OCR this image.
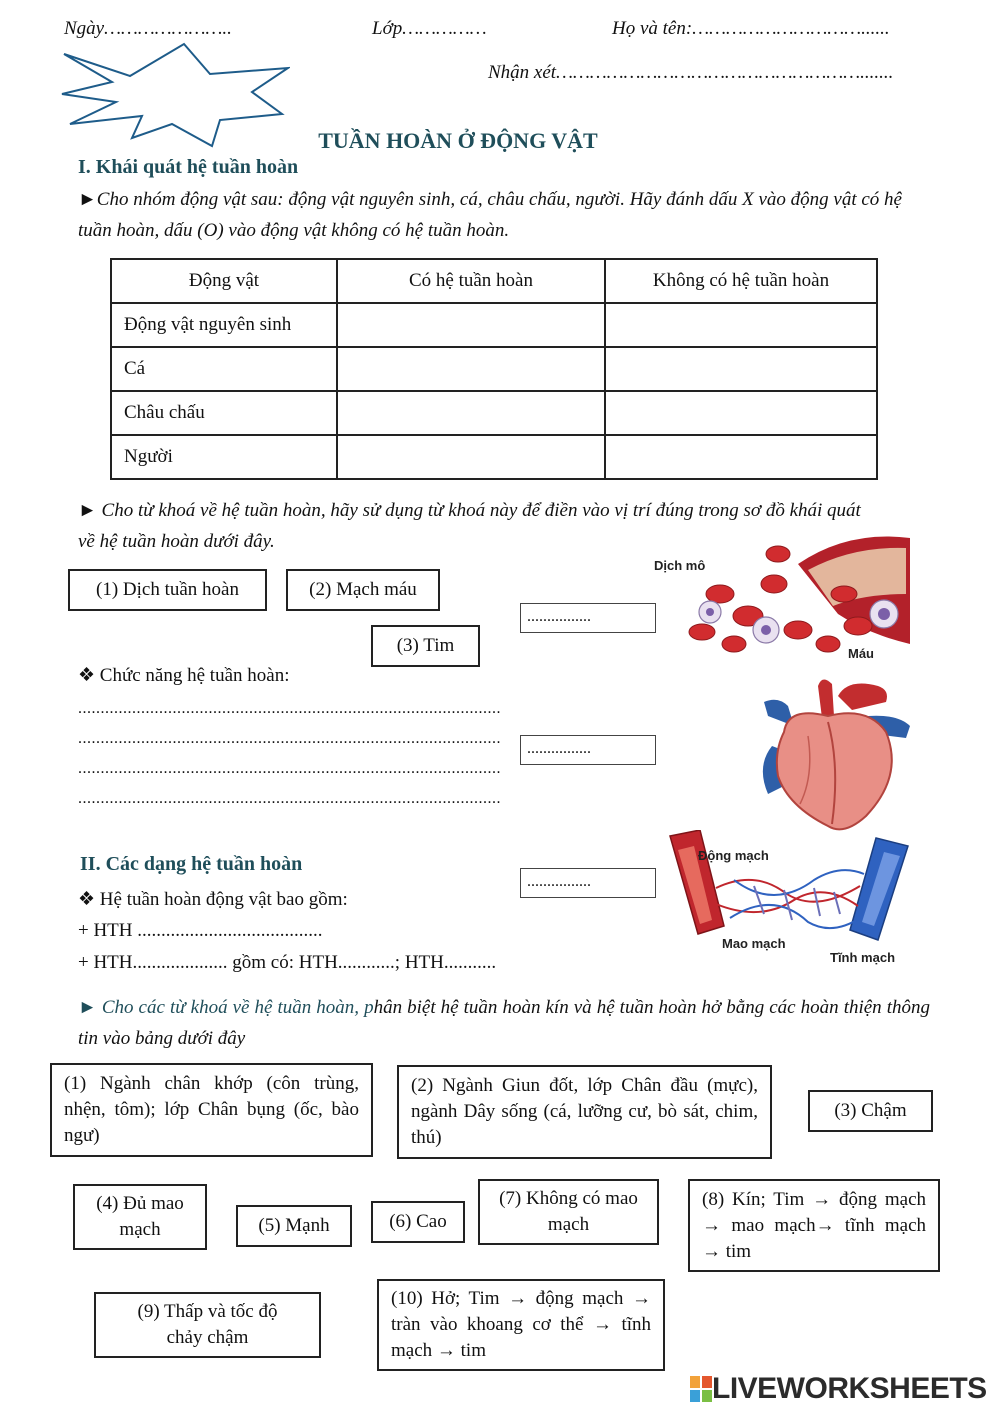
Ngày…………………..	Lớp……………	Họ và tên:…………………………......
Nhận xét……………………………………………….......
TUẦN HOÀN Ở ĐỘNG VẬT
I. Khái quát hệ tuần hoàn
►Cho nhóm động vật sau: động vật nguyên sinh, cá, châu chấu, người. Hãy đánh dấu X vào động vật có hệ tuần hoàn, dấu (O) vào động vật không có hệ tuần hoàn.
Động vật	Có hệ tuần hoàn	Không có hệ tuần hoàn
Động vật nguyên sinh		
Cá		
Châu chấu		
Người		
► Cho từ khoá về hệ tuần hoàn, hãy sử dụng từ khoá này để điền vào vị trí đúng trong sơ đồ khái quát về hệ tuần hoàn dưới đây.
(1) Dịch tuần hoàn	(2) Mạch máu
(3) Tim
❖ Chức năng hệ tuần hoàn:
..............................................................................................
..............................................................................................
..............................................................................................
..............................................................................................
................
................
................
Dịch mô
Máu
Động mạch
Mao mạch
Tĩnh mạch
II. Các dạng hệ tuần hoàn
❖ Hệ tuần hoàn động vật bao gồm:
+ HTH .......................................
+ HTH.................... gồm có: HTH............; HTH...........
► Cho các từ khoá về hệ tuần hoàn, phân biệt hệ tuần hoàn kín và hệ tuần hoàn hở bằng các hoàn thiện thông tin vào bảng dưới đây
(1) Ngành chân khớp (côn trùng, nhện, tôm); lớp Chân bụng (ốc, bào ngư)
(2) Ngành Giun đốt, lớp Chân đầu (mực), ngành Dây sống (cá, lưỡng cư, bò sát, chim, thú)
(3) Chậm
(4) Đủ mao mạch	(5) Mạnh	(6) Cao
(7) Không có mao mạch
(8) Kín; Tim → động mạch → mao mạch→ tĩnh mạch → tim
(9) Thấp và tốc độ chảy chậm
(10) Hở; Tim → động mạch → tràn vào khoang cơ thể → tĩnh mạch → tim
LIVEWORKSHEETS
